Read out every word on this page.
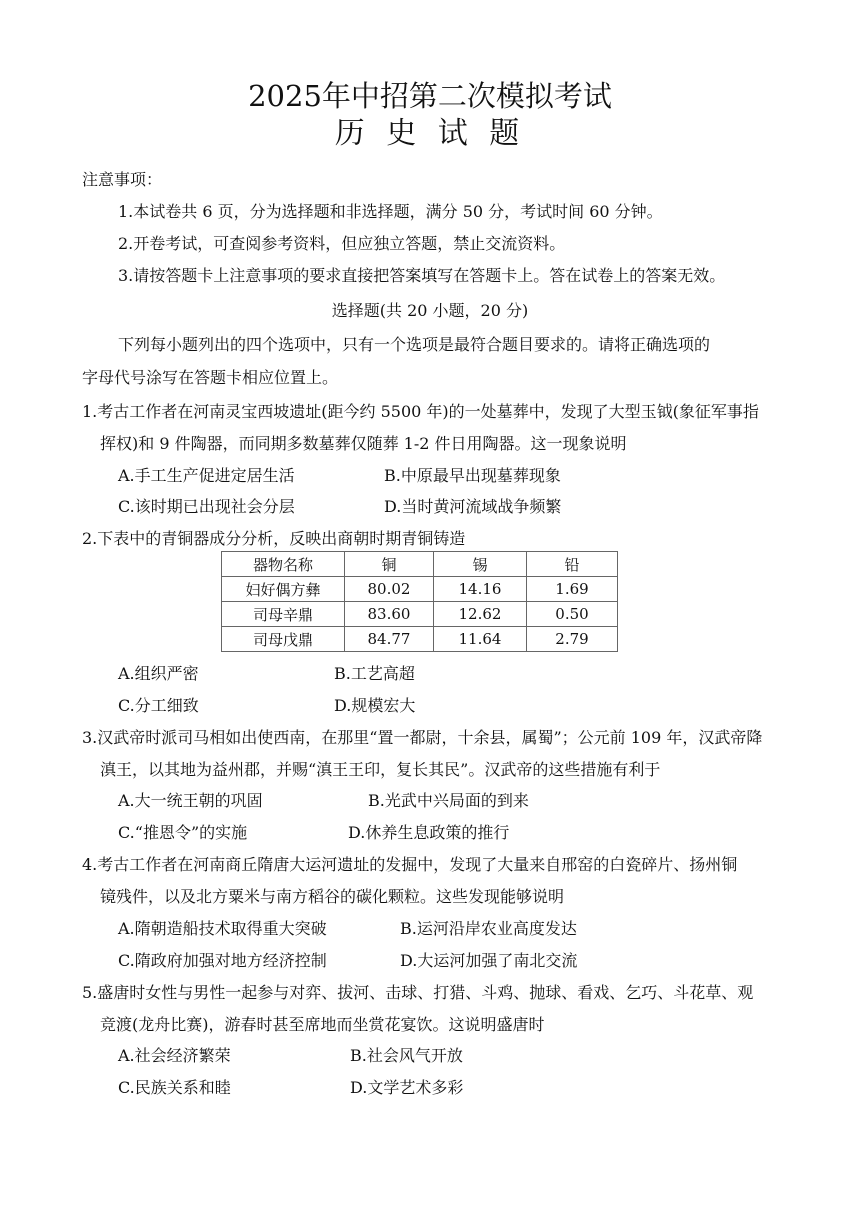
2025年中招第二次模拟考试
历 史 试 题
注意事项：
1.本试卷共 6 页，分为选择题和非选择题，满分 50 分，考试时间 60 分钟。
2.开卷考试，可查阅参考资料，但应独立答题，禁止交流资料。
3.请按答题卡上注意事项的要求直接把答案填写在答题卡上。答在试卷上的答案无效。
选择题(共 20 小题，20 分)
下列每小题列出的四个选项中，只有一个选项是最符合题目要求的。请将正确选项的
字母代号涂写在答题卡相应位置上。
1.考古工作者在河南灵宝西坡遗址(距今约 5500 年)的一处墓葬中，发现了大型玉钺(象征军事指
挥权)和 9 件陶器，而同期多数墓葬仅随葬 1-2 件日用陶器。这一现象说明
A.手工生产促进定居生活	B.中原最早出现墓葬现象
C.该时期已出现社会分层	D.当时黄河流域战争频繁
2.下表中的青铜器成分分析，反映出商朝时期青铜铸造
器物名称	铜	锡	铅
妇好偶方彝	80.02	14.16	1.69
司母辛鼎	83.60	12.62	0.50
司母戊鼎	84.77	11.64	2.79
A.组织严密	B.工艺高超
C.分工细致	D.规模宏大
3.汉武帝时派司马相如出使西南，在那里“置一都尉，十余县，属蜀”；公元前 109 年，汉武帝降
滇王，以其地为益州郡，并赐“滇王王印，复长其民”。汉武帝的这些措施有利于
A.大一统王朝的巩固	B.光武中兴局面的到来
C.“推恩令”的实施	D.休养生息政策的推行
4.考古工作者在河南商丘隋唐大运河遗址的发掘中，发现了大量来自邢窑的白瓷碎片、扬州铜
镜残件，以及北方粟米与南方稻谷的碳化颗粒。这些发现能够说明
A.隋朝造船技术取得重大突破	B.运河沿岸农业高度发达
C.隋政府加强对地方经济控制	D.大运河加强了南北交流
5.盛唐时女性与男性一起参与对弈、拔河、击球、打猎、斗鸡、抛球、看戏、乞巧、斗花草、观
竞渡(龙舟比赛)，游春时甚至席地而坐赏花宴饮。这说明盛唐时
A.社会经济繁荣	B.社会风气开放
C.民族关系和睦	D.文学艺术多彩
